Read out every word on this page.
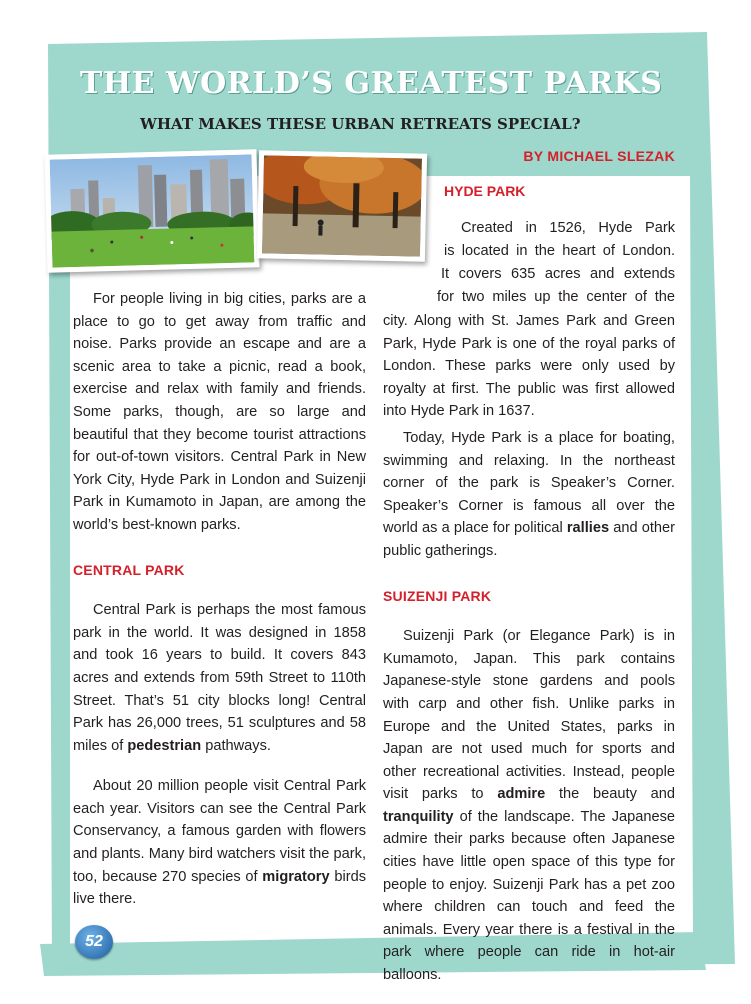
THE WORLD’S GREATEST PARKS
WHAT MAKES THESE URBAN RETREATS SPECIAL?
BY MICHAEL SLEZAK
HYDE PARK
Created in 1526, Hyde Park
is located in the heart of London.
It covers 635 acres and extends
for two miles up the center of the

For people living in big cities, parks are a place to go to get away from traffic and noise. Parks provide an escape and are a scenic area to take a picnic, read a book, exercise and relax with family and friends. Some parks, though, are so large and beautiful that they become tourist attractions for out-of-town visitors. Central Park in New York City, Hyde Park in London and Suizenji Park in Kumamoto in Japan, are among the world’s best-known parks.

CENTRAL PARK

Central Park is perhaps the most famous park in the world. It was designed in 1858 and took 16 years to build. It covers 843 acres and extends from 59th Street to 110th Street. That’s 51 city blocks long! Central Park has 26,000 trees, 51 sculptures and 58 miles of pedestrian pathways.

About 20 million people visit Central Park each year. Visitors can see the Central Park Conservancy, a famous garden with flowers and plants. Many bird watchers visit the park, too, because 270 species of migratory birds live there.

city. Along with St. James Park and Green Park, Hyde Park is one of the royal parks of London. These parks were only used by royalty at first. The public was first allowed into Hyde Park in 1637.

Today, Hyde Park is a place for boating, swimming and relaxing. In the northeast corner of the park is Speaker’s Corner. Speaker’s Corner is famous all over the world as a place for political rallies and other public gatherings.

SUIZENJI PARK

Suizenji Park (or Elegance Park) is in Kumamoto, Japan. This park contains Japanese-style stone gardens and pools with carp and other fish. Unlike parks in Europe and the United States, parks in Japan are not used much for sports and other recreational activities. Instead, people visit parks to admire the beauty and tranquility of the landscape. The Japanese admire their parks because often Japanese cities have little open space of this type for people to enjoy. Suizenji Park has a pet zoo where children can touch and feed the animals. Every year there is a festival in the park where people can ride in hot-air balloons.

52
